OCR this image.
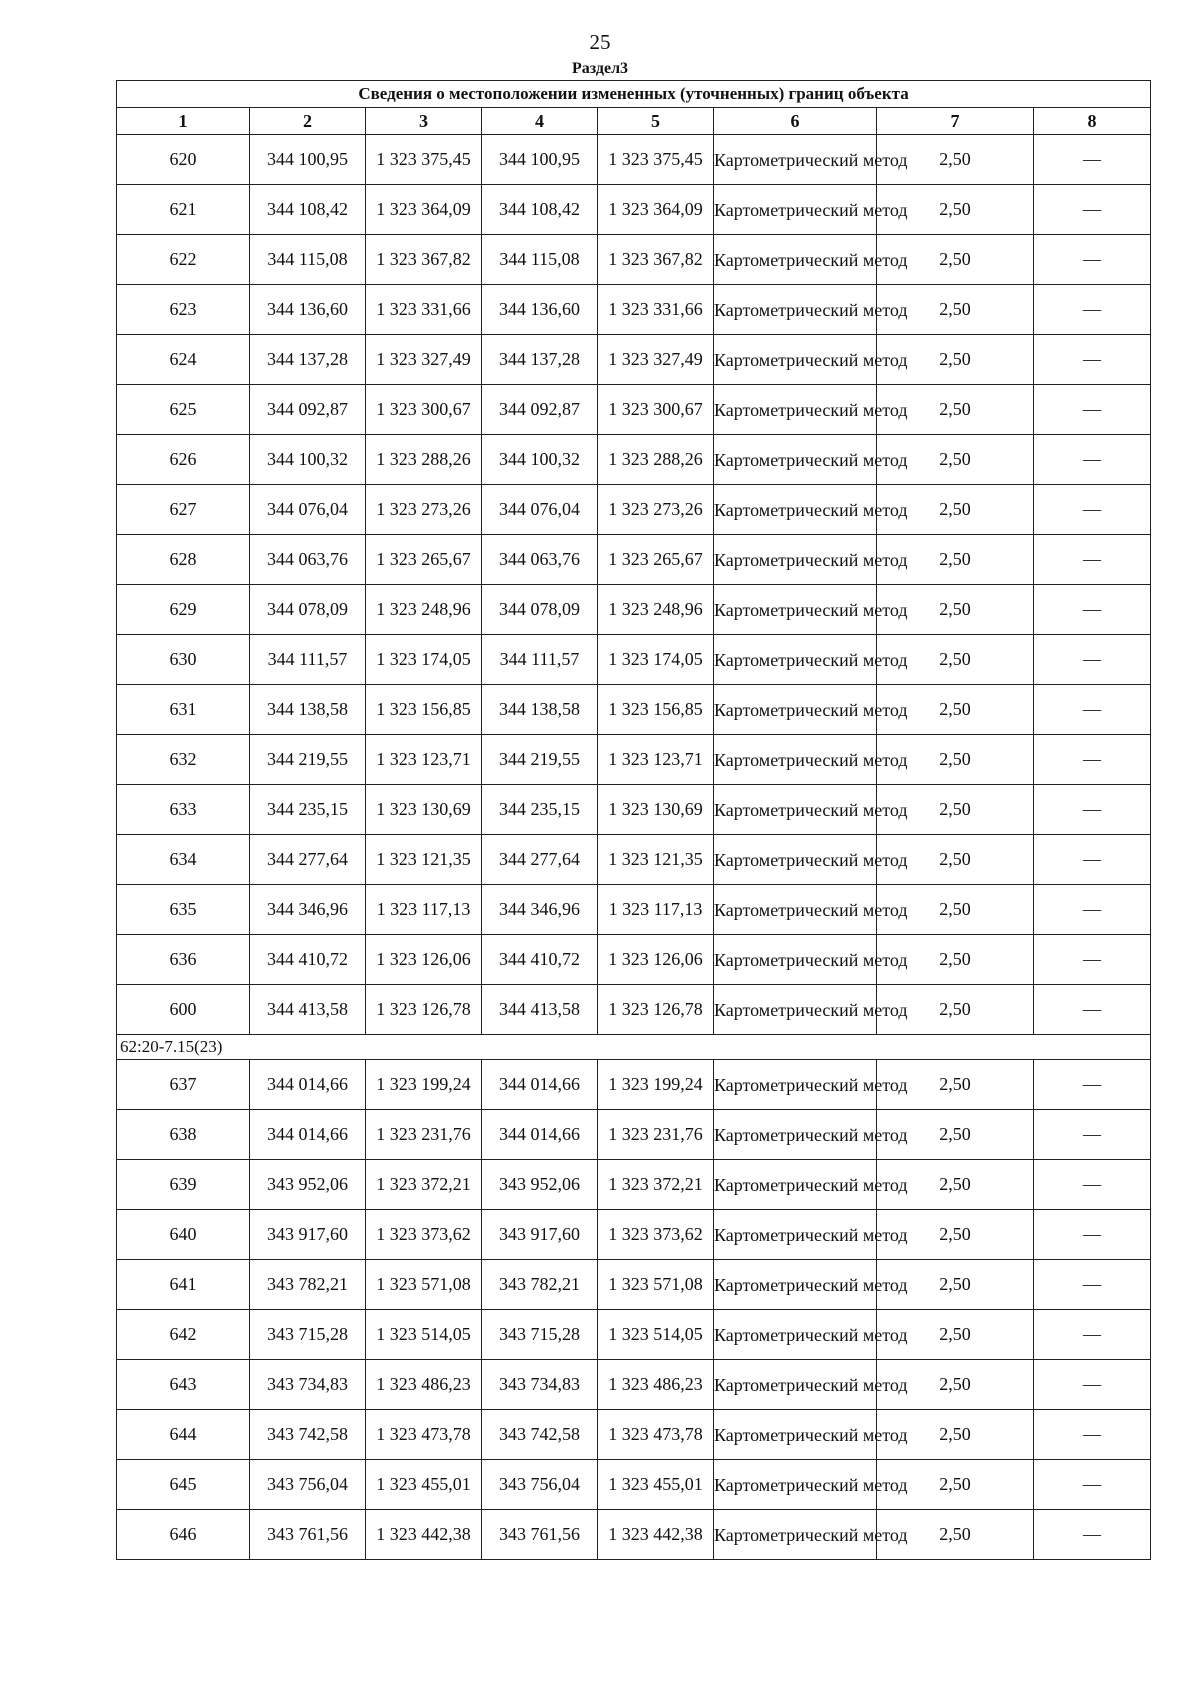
25
Раздел3
Сведения о местоположении измененных (уточненных) границ объекта							
1	2	3	4	5	6	7	8
620	344 100,95	1 323 375,45	344 100,95	1 323 375,45	Картометрический метод	2,50	—
621	344 108,42	1 323 364,09	344 108,42	1 323 364,09	Картометрический метод	2,50	—
622	344 115,08	1 323 367,82	344 115,08	1 323 367,82	Картометрический метод	2,50	—
623	344 136,60	1 323 331,66	344 136,60	1 323 331,66	Картометрический метод	2,50	—
624	344 137,28	1 323 327,49	344 137,28	1 323 327,49	Картометрический метод	2,50	—
625	344 092,87	1 323 300,67	344 092,87	1 323 300,67	Картометрический метод	2,50	—
626	344 100,32	1 323 288,26	344 100,32	1 323 288,26	Картометрический метод	2,50	—
627	344 076,04	1 323 273,26	344 076,04	1 323 273,26	Картометрический метод	2,50	—
628	344 063,76	1 323 265,67	344 063,76	1 323 265,67	Картометрический метод	2,50	—
629	344 078,09	1 323 248,96	344 078,09	1 323 248,96	Картометрический метод	2,50	—
630	344 111,57	1 323 174,05	344 111,57	1 323 174,05	Картометрический метод	2,50	—
631	344 138,58	1 323 156,85	344 138,58	1 323 156,85	Картометрический метод	2,50	—
632	344 219,55	1 323 123,71	344 219,55	1 323 123,71	Картометрический метод	2,50	—
633	344 235,15	1 323 130,69	344 235,15	1 323 130,69	Картометрический метод	2,50	—
634	344 277,64	1 323 121,35	344 277,64	1 323 121,35	Картометрический метод	2,50	—
635	344 346,96	1 323 117,13	344 346,96	1 323 117,13	Картометрический метод	2,50	—
636	344 410,72	1 323 126,06	344 410,72	1 323 126,06	Картометрический метод	2,50	—
600	344 413,58	1 323 126,78	344 413,58	1 323 126,78	Картометрический метод	2,50	—
62:20-7.15(23)							
637	344 014,66	1 323 199,24	344 014,66	1 323 199,24	Картометрический метод	2,50	—
638	344 014,66	1 323 231,76	344 014,66	1 323 231,76	Картометрический метод	2,50	—
639	343 952,06	1 323 372,21	343 952,06	1 323 372,21	Картометрический метод	2,50	—
640	343 917,60	1 323 373,62	343 917,60	1 323 373,62	Картометрический метод	2,50	—
641	343 782,21	1 323 571,08	343 782,21	1 323 571,08	Картометрический метод	2,50	—
642	343 715,28	1 323 514,05	343 715,28	1 323 514,05	Картометрический метод	2,50	—
643	343 734,83	1 323 486,23	343 734,83	1 323 486,23	Картометрический метод	2,50	—
644	343 742,58	1 323 473,78	343 742,58	1 323 473,78	Картометрический метод	2,50	—
645	343 756,04	1 323 455,01	343 756,04	1 323 455,01	Картометрический метод	2,50	—
646	343 761,56	1 323 442,38	343 761,56	1 323 442,38	Картометрический метод	2,50	—
